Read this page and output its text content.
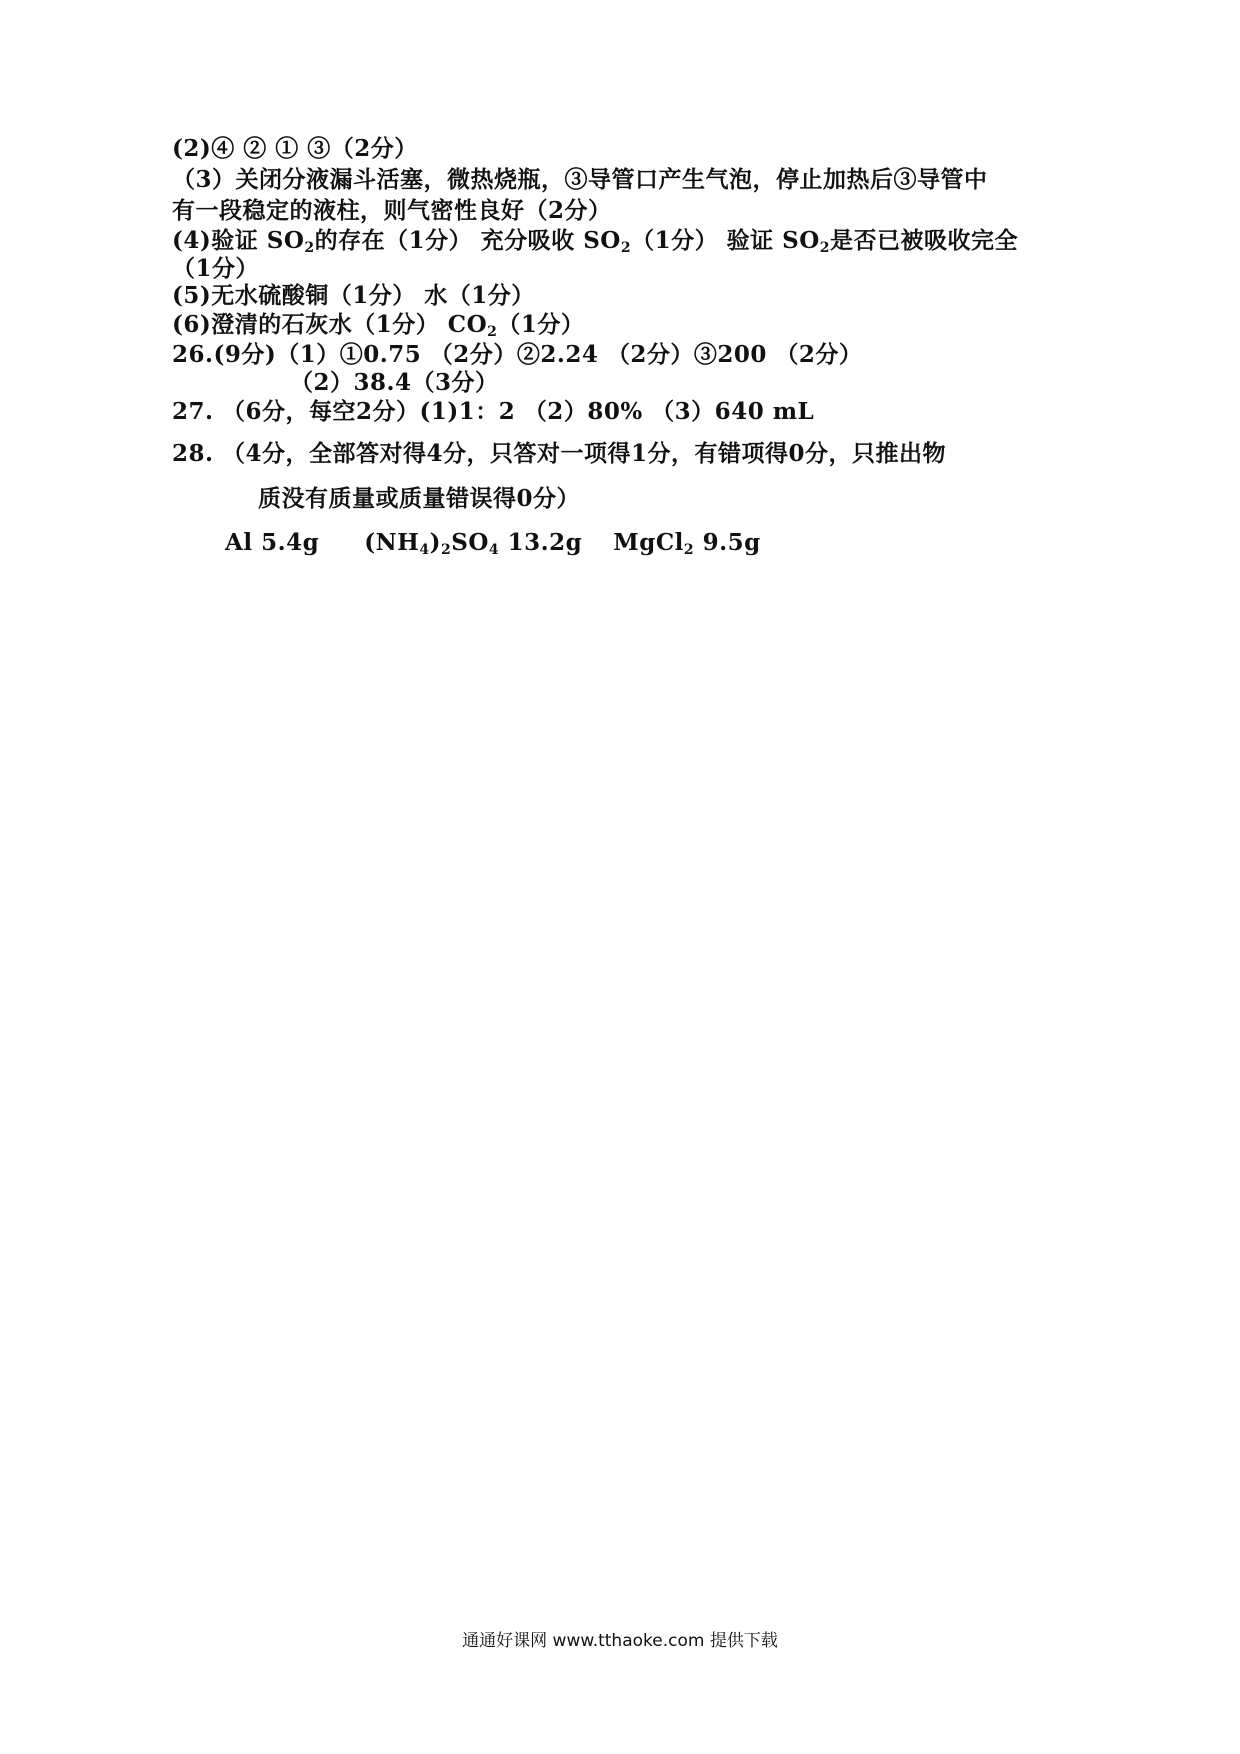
(2)④ ② ① ③（2分）
（3）关闭分液漏斗活塞，微热烧瓶，③导管口产生气泡，停止加热后③导管中
有一段稳定的液柱，则气密性良好（2分）
(4)验证 $SO_2$的存在（1分） 充分吸收 $SO_2(1$分） 验证 $SO_2$是否已被吸收完全
（1分）
(5)无水硫酸铜（1分） 水（1分）
(6)澄清的石灰水（1分） $CO_2(1$分）
26.(9分)（1）①0.75 （2分）②2.24 （2分）③200 （2分）
（2）38.4（3分）
27. （6分，每空2分）(1)1：2 （2）80% （3）640 mL
28. （4分，全部答对得4分，只答对一项得1分，有错项得0分，只推出物
质没有质量或质量错误得0分）
Al 5.4g $(NH_4)_2SO_4$ 13.2g MgCl$_2$ 9.5g
通通好课网 www.tthaoke.com 提供下载
